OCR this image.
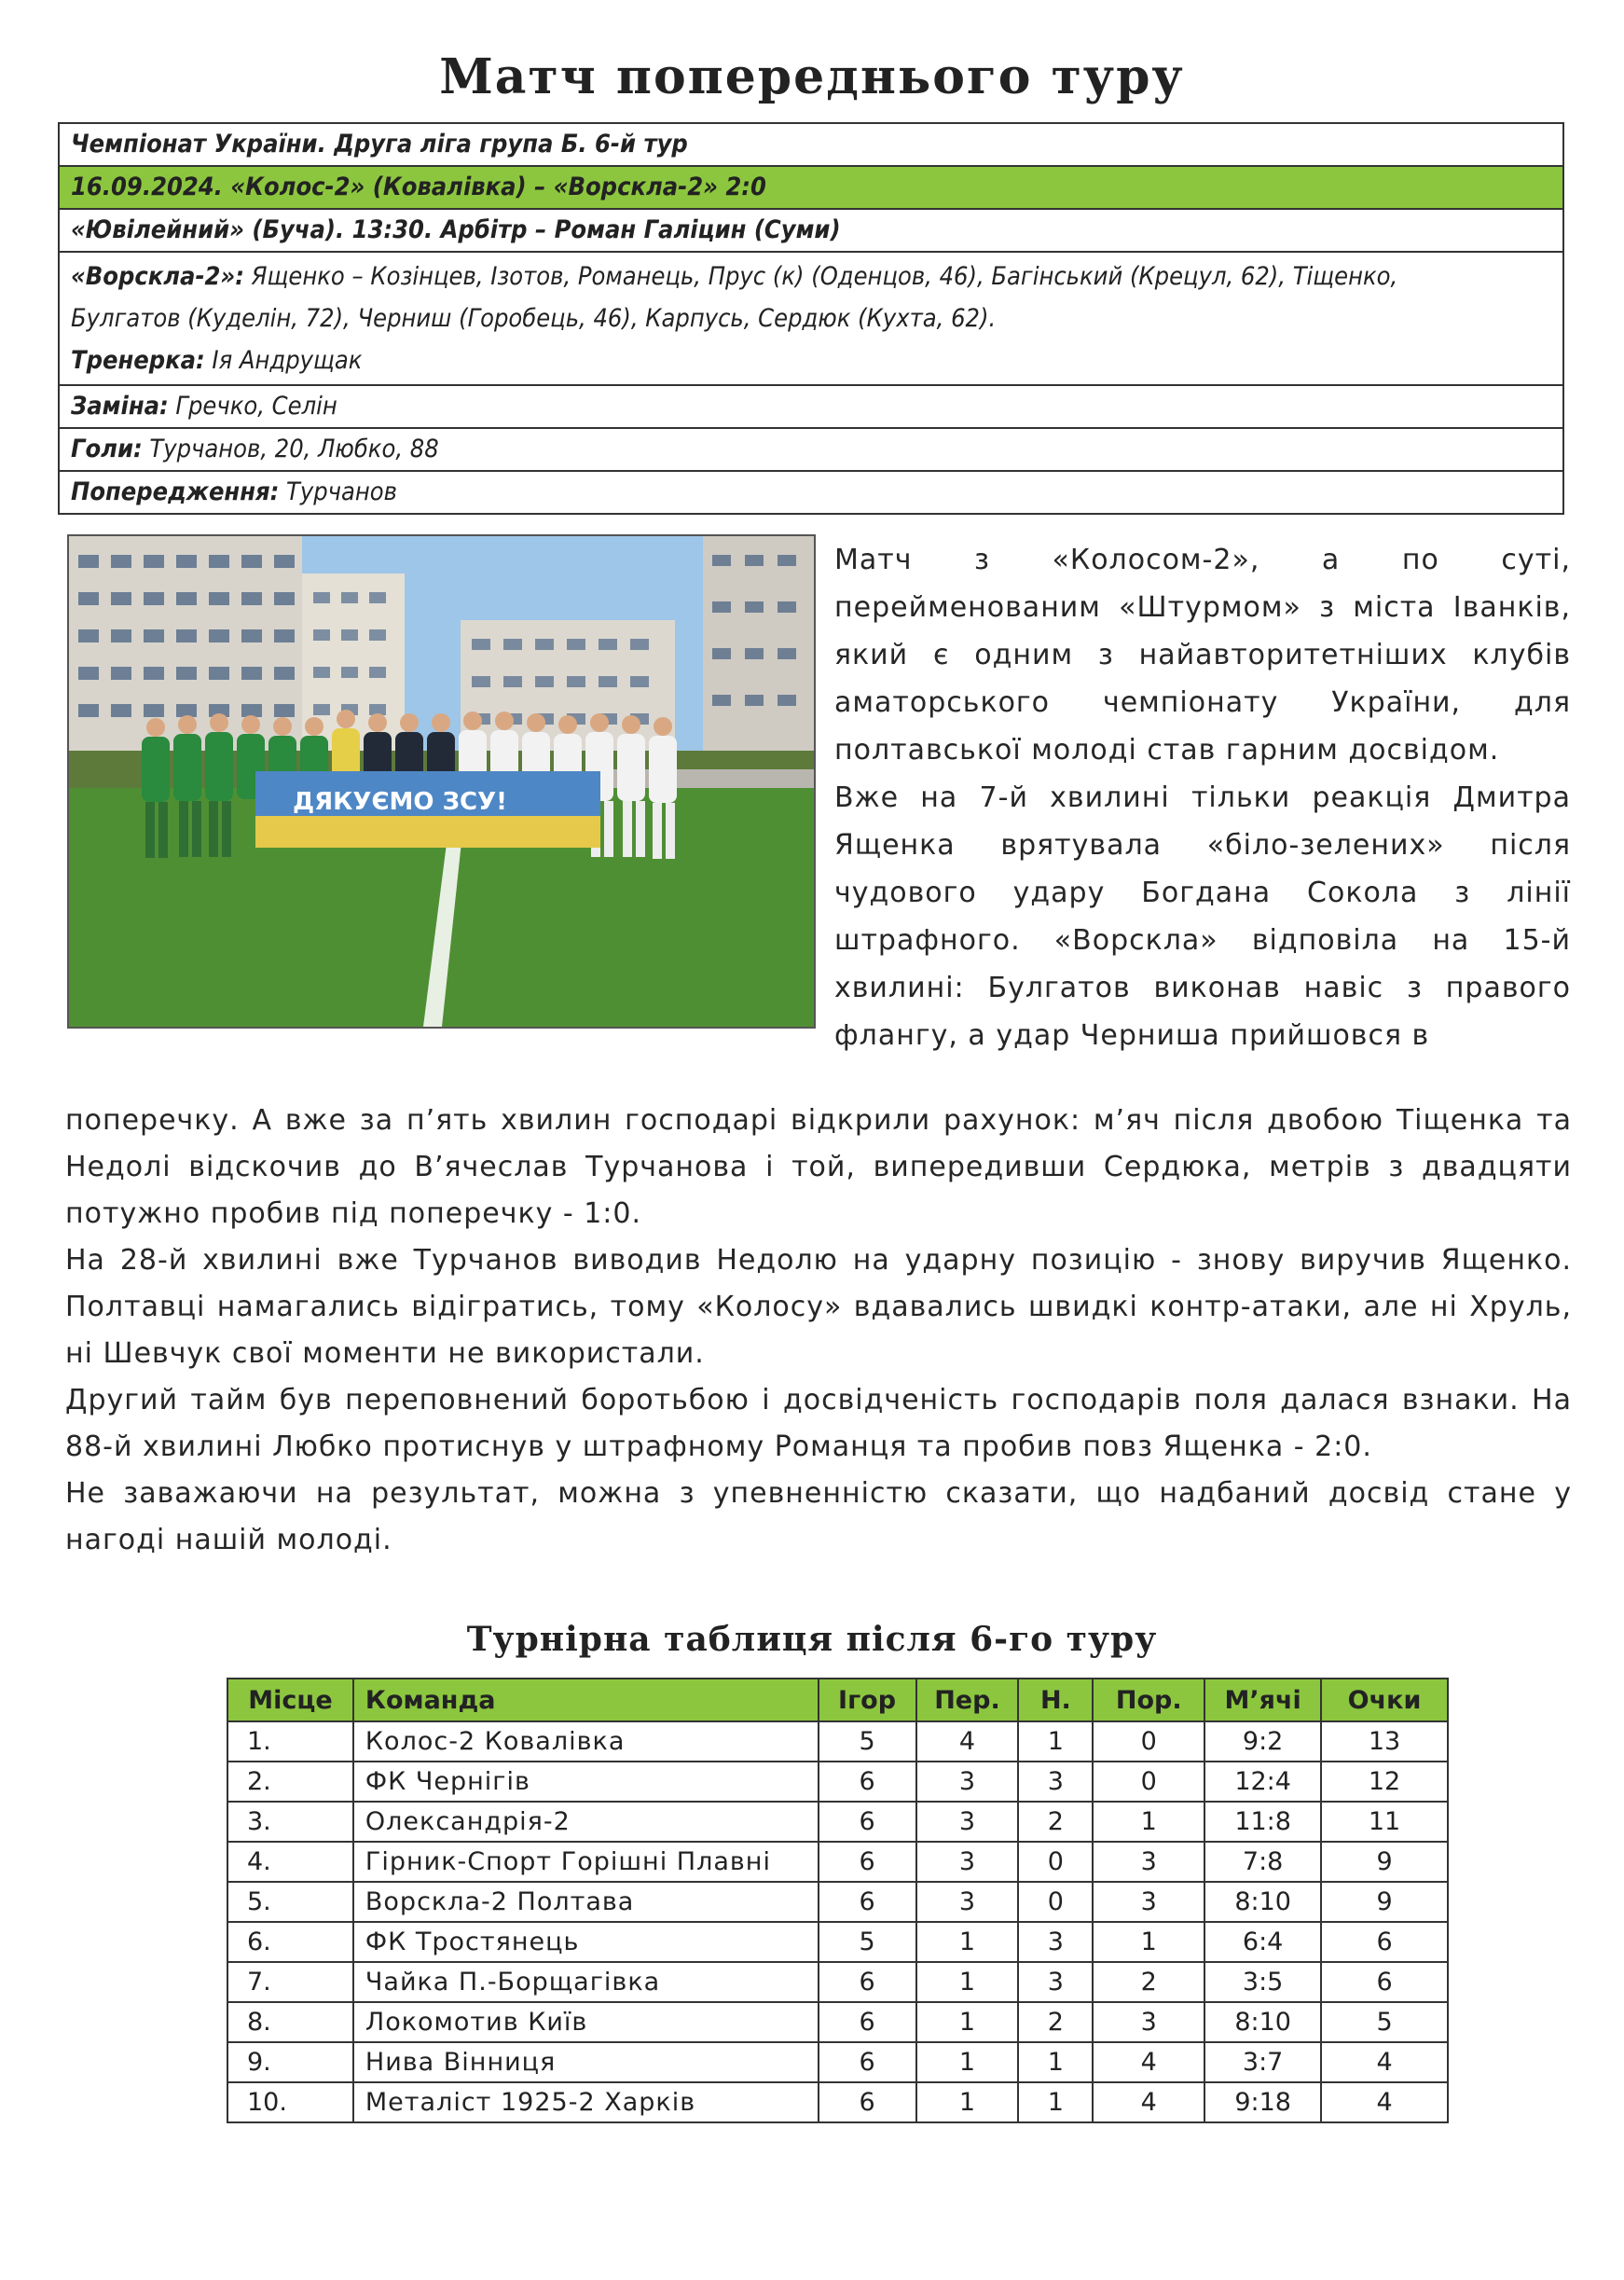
Матч попереднього туру
Чемпіонат України. Друга ліга група Б. 6-й тур
16.09.2024. «Колос-2» (Ковалівка) – «Ворскла-2» 2:0
«Ювілейний» (Буча). 13:30. Арбітр – Роман Галіцин (Суми)
«Ворскла-2»: Ященко – Козінцев, Ізотов, Романець, Прус (к) (Оденцов, 46), Багінський (Крецул, 62), Тіщенко,
Булгатов (Куделін, 72), Черниш (Горобець, 46), Карпусь, Сердюк (Кухта, 62).
Тренерка: Ія Андрущак
Заміна: Гречко, Селін
Голи: Турчанов, 20, Любко, 88
Попередження: Турчанов
ДЯКУЄМО ЗСУ!

Матч з «Колосом-2», а по суті, перейменованим «Штурмом» з міста Іванків, який є одним з найавторитетніших клубів аматорського чемпіонату України, для полтавської молоді став гарним досвідом.

Вже на 7-й хвилині тільки реакція Дмитра Ященка врятувала «біло-зелених» після чудового удару Богдана Сокола з лінії штрафного. «Ворскла» відповіла на 15-й хвилині: Булгатов виконав навіс з правого флангу, а удар Черниша прийшовся в

поперечку. А вже за п’ять хвилин господарі відкрили рахунок: м’яч після двобою Тіщенка та Недолі відскочив до В’ячеслав Турчанова і той, випередивши Сердюка, метрів з двадцяти потужно пробив під поперечку - 1:0.

На 28-й хвилині вже Турчанов виводив Недолю на ударну позицію - знову виручив Ященко. Полтавці намагались відігратись, тому «Колосу» вдавались швидкі контр-атаки, але ні Хруль, ні Шевчук свої моменти не використали.

Другий тайм був переповнений боротьбою і досвідченість господарів поля далася взнаки. На 88-й хвилині Любко протиснув у штрафному Романця та пробив повз Ященка - 2:0.

Не заважаючи на результат, можна з упевненністю сказати, що надбаний досвід стане у нагоді нашій молоді.

Турнірна таблиця після 6-го туру
Місце	Команда	Ігор	Пер.	Н.	Пор.	М’ячі	Очки
1.	Колос-2 Ковалівка	5	4	1	0	9:2	13
2.	ФК Чернігів	6	3	3	0	12:4	12
3.	Олександрія-2	6	3	2	1	11:8	11
4.	Гірник-Спорт Горішні Плавні	6	3	0	3	7:8	9
5.	Ворскла-2 Полтава	6	3	0	3	8:10	9
6.	ФК Тростянець	5	1	3	1	6:4	6
7.	Чайка П.-Борщагівка	6	1	3	2	3:5	6
8.	Локомотив Київ	6	1	2	3	8:10	5
9.	Нива Вінниця	6	1	1	4	3:7	4
10.	Металіст 1925-2 Харків	6	1	1	4	9:18	4
